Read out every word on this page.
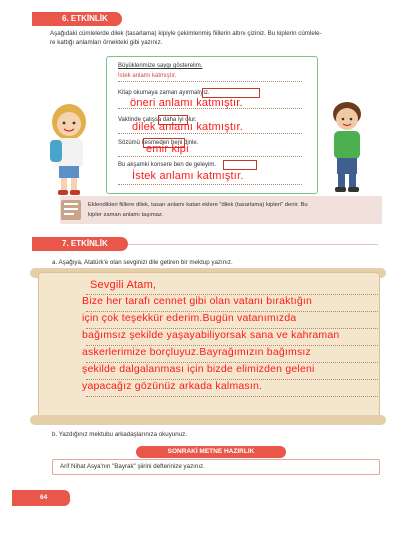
6. ETKİNLİK
Aşağıdaki cümlelerde dilek (tasarlama) kipiyle çekimlenmiş fiillerin altını çiziniz. Bu kiplerin cümlele-
re kattığı anlamları örnekteki gibi yazınız.
Büyüklerimize saygı gösterelim.
İstek anlamı katmıştır.
Kitap okumaya zaman ayırmalıyız.
Vaktinde çalışsa daha iyi olur.
Sözümü kesmeden beni dinle.
Bu akşamki konsere ben de geleyim.
öneri anlamı katmıştır.
dilek anlamı katmıştır.
emir kipi
İstek anlamı katmıştır.
Eklendikleri fiillere dilek, tasarı anlamı katan eklere "dilek (tasarlama) kipleri" denir. Bu
kipler zaman anlamı taşımaz.
7. ETKİNLİK
a. Aşağıya, Atatürk'e olan sevginizi dile getiren bir mektup yazınız.
Sevgili Atam,
Bize her tarafı cennet gibi olan vatanı bıraktığın
için çok teşekkür ederim.Bugün vatanımızda
bağımsız şekilde yaşayabiliyorsak sana ve kahraman
askerlerimize borçluyuz.Bayrağımızın bağımsız
şekilde dalgalanması için bizde elimizden geleni
yapacağız gözünüz arkada kalmasın.
b. Yazdığınız mektubu arkadaşlarınıza okuyunuz.
SONRAKİ METNE HAZIRLIK
Arif Nihat Asya'nın "Bayrak" şiirini defterinize yazınız.
64
